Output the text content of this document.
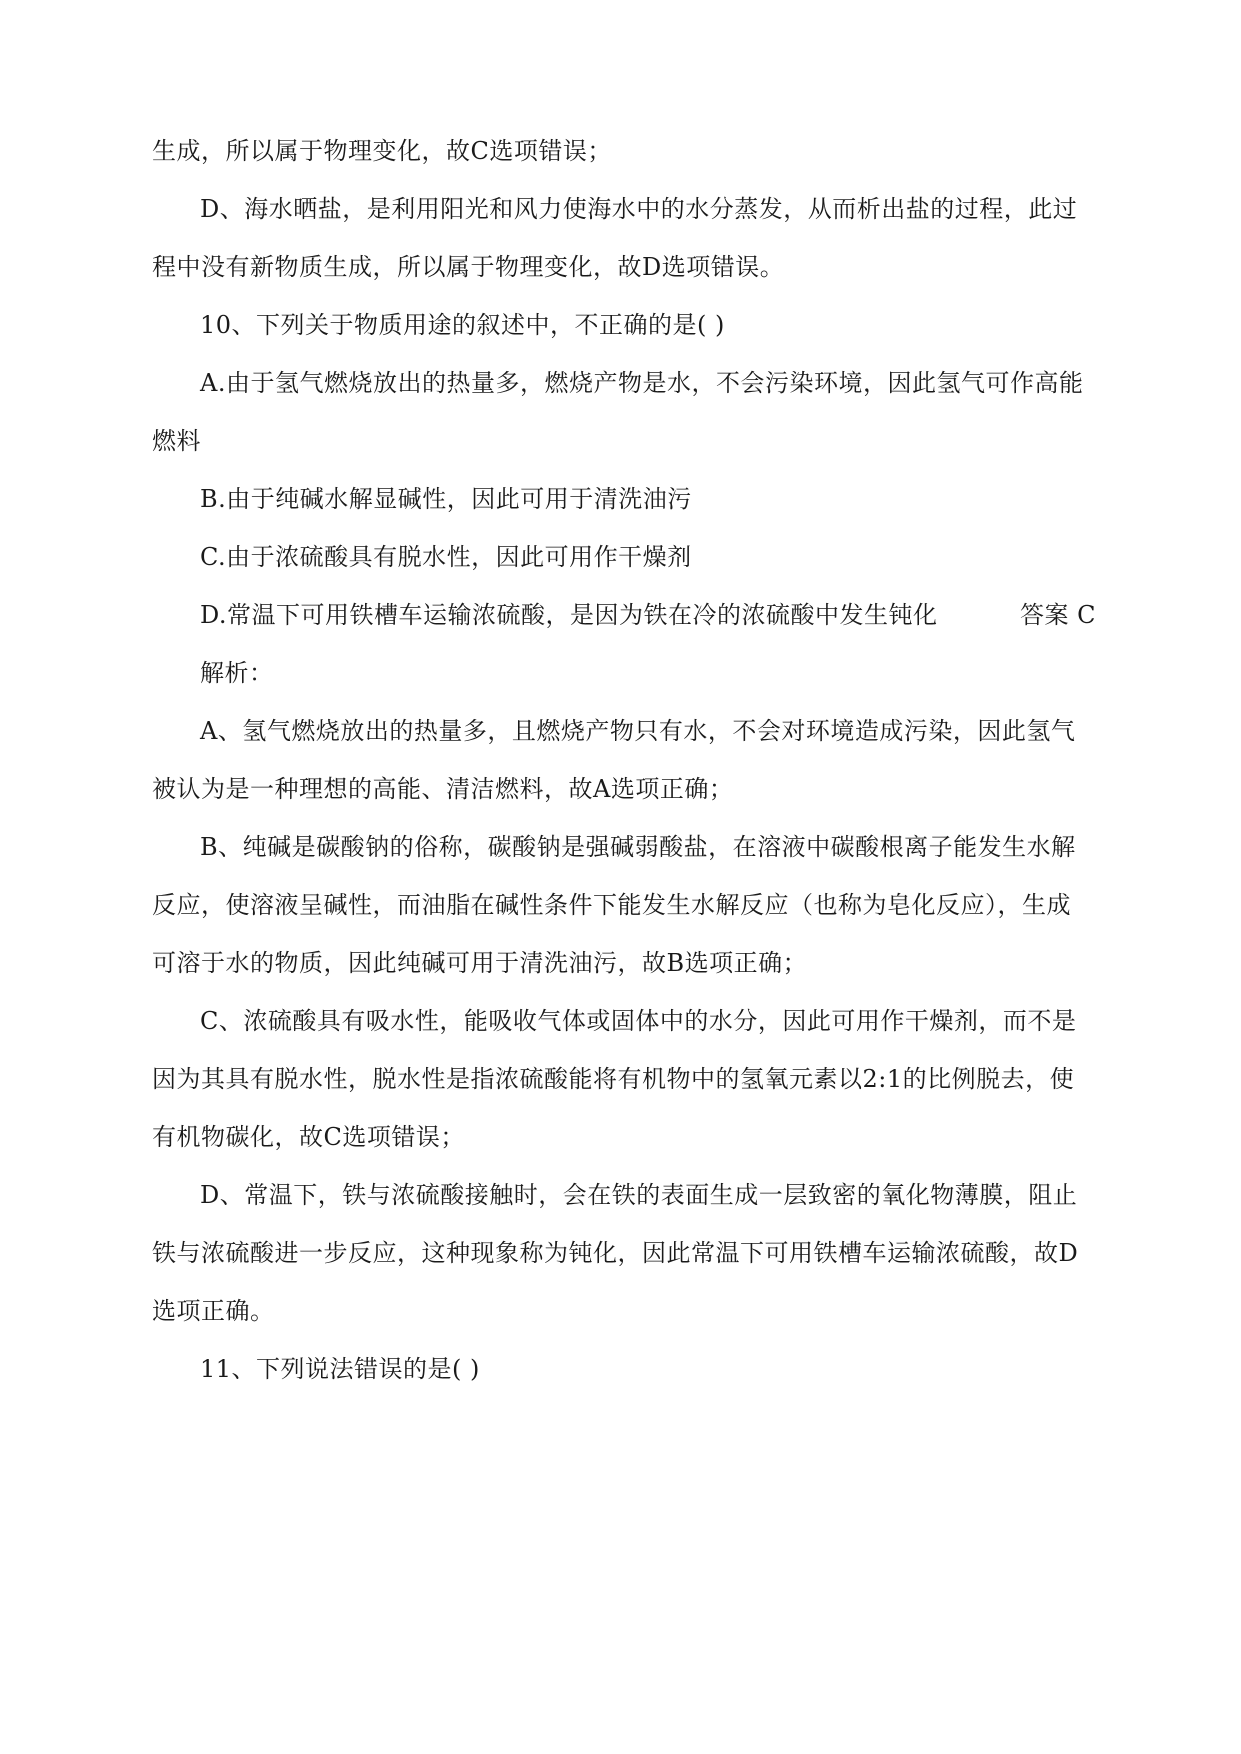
生成，所以属于物理变化，故C选项错误；
D、海水晒盐，是利用阳光和风力使海水中的水分蒸发，从而析出盐的过程，此过
程中没有新物质生成，所以属于物理变化，故D选项错误。
10、下列关于物质用途的叙述中，不正确的是( )
A.由于氢气燃烧放出的热量多，燃烧产物是水，不会污染环境，因此氢气可作高能
燃料
B.由于纯碱水解显碱性，因此可用于清洗油污
C.由于浓硫酸具有脱水性，因此可用作干燥剂
D.常温下可用铁槽车运输浓硫酸，是因为铁在冷的浓硫酸中发生钝化	答案 C
解析：
A、氢气燃烧放出的热量多，且燃烧产物只有水，不会对环境造成污染，因此氢气
被认为是一种理想的高能、清洁燃料，故A选项正确；
B、纯碱是碳酸钠的俗称，碳酸钠是强碱弱酸盐，在溶液中碳酸根离子能发生水解
反应，使溶液呈碱性，而油脂在碱性条件下能发生水解反应（也称为皂化反应），生成
可溶于水的物质，因此纯碱可用于清洗油污，故B选项正确；
C、浓硫酸具有吸水性，能吸收气体或固体中的水分，因此可用作干燥剂，而不是
因为其具有脱水性，脱水性是指浓硫酸能将有机物中的氢氧元素以2:1的比例脱去，使
有机物碳化，故C选项错误；
D、常温下，铁与浓硫酸接触时，会在铁的表面生成一层致密的氧化物薄膜，阻止
铁与浓硫酸进一步反应，这种现象称为钝化，因此常温下可用铁槽车运输浓硫酸，故D
选项正确。
11、下列说法错误的是( )
